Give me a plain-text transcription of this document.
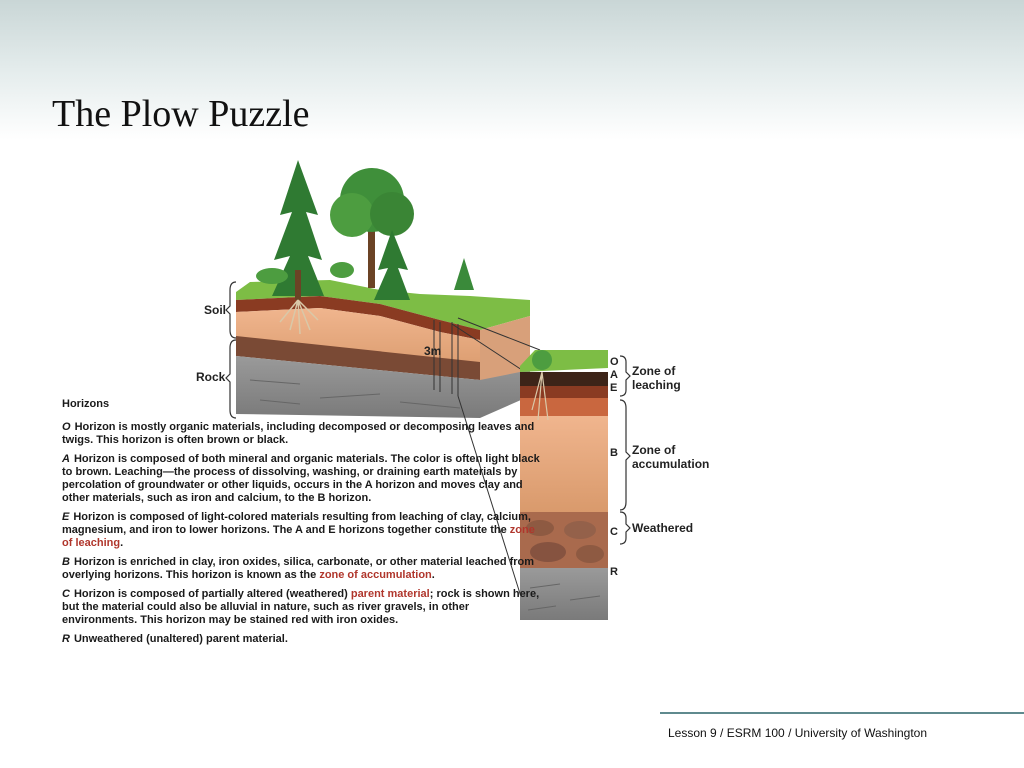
The Plow Puzzle
Soil
Rock
3m
O
A
E
B
C
R
Zone of
leaching
Zone of
accumulation
Weathered
Horizons

O Horizon is mostly organic materials, including decomposed or decomposing leaves and twigs. This horizon is often brown or black.

A Horizon is composed of both mineral and organic materials. The color is often light black to brown. Leaching—the process of dissolving, washing, or draining earth materials by percolation of groundwater or other liquids, occurs in the A horizon and moves clay and other materials, such as iron and calcium, to the B horizon.

E Horizon is composed of light-colored materials resulting from leaching of clay, calcium, magnesium, and iron to lower horizons. The A and E horizons together constitute the zone of leaching.

B Horizon is enriched in clay, iron oxides, silica, carbonate, or other material leached from overlying horizons. This horizon is known as the zone of accumulation.

C Horizon is composed of partially altered (weathered) parent material; rock is shown here, but the material could also be alluvial in nature, such as river gravels, in other environments. This horizon may be stained red with iron oxides.

R Unweathered (unaltered) parent material.

Lesson 9 / ESRM 100 / University of Washington
